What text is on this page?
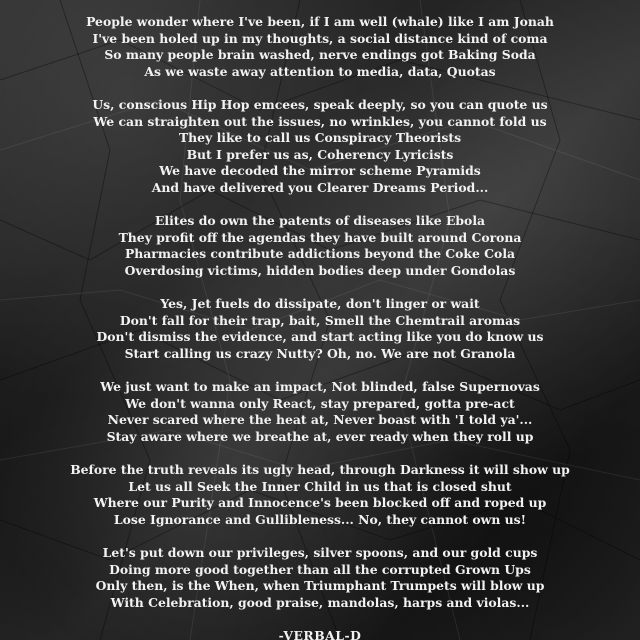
People wonder where I've been, if I am well (whale) like I am Jonah
I've been holed up in my thoughts, a social distance kind of coma
So many people brain washed, nerve endings got Baking Soda
As we waste away attention to media, data, Quotas
Us, conscious Hip Hop emcees, speak deeply, so you can quote us
We can straighten out the issues, no wrinkles, you cannot fold us
They like to call us Conspiracy Theorists
But I prefer us as, Coherency Lyricists
We have decoded the mirror scheme Pyramids
And have delivered you Clearer Dreams Period...
Elites do own the patents of diseases like Ebola
They profit off the agendas they have built around Corona
Pharmacies contribute addictions beyond the Coke Cola
Overdosing victims, hidden bodies deep under Gondolas
Yes, Jet fuels do dissipate, don't linger or wait
Don't fall for their trap, bait, Smell the Chemtrail aromas
Don't dismiss the evidence, and start acting like you do know us
Start calling us crazy Nutty? Oh, no. We are not Granola
We just want to make an impact, Not blinded, false Supernovas
We don't wanna only React, stay prepared, gotta pre-act
Never scared where the heat at, Never boast with 'I told ya'...
Stay aware where we breathe at, ever ready when they roll up
Before the truth reveals its ugly head, through Darkness it will show up
Let us all Seek the Inner Child in us that is closed shut
Where our Purity and Innocence's been blocked off and roped up
Lose Ignorance and Gullibleness... No, they cannot own us!
Let's put down our privileges, silver spoons, and our gold cups
Doing more good together than all the corrupted Grown Ups
Only then, is the When, when Triumphant Trumpets will blow up
With Celebration, good praise, mandolas, harps and violas...
-VERBAL-D
